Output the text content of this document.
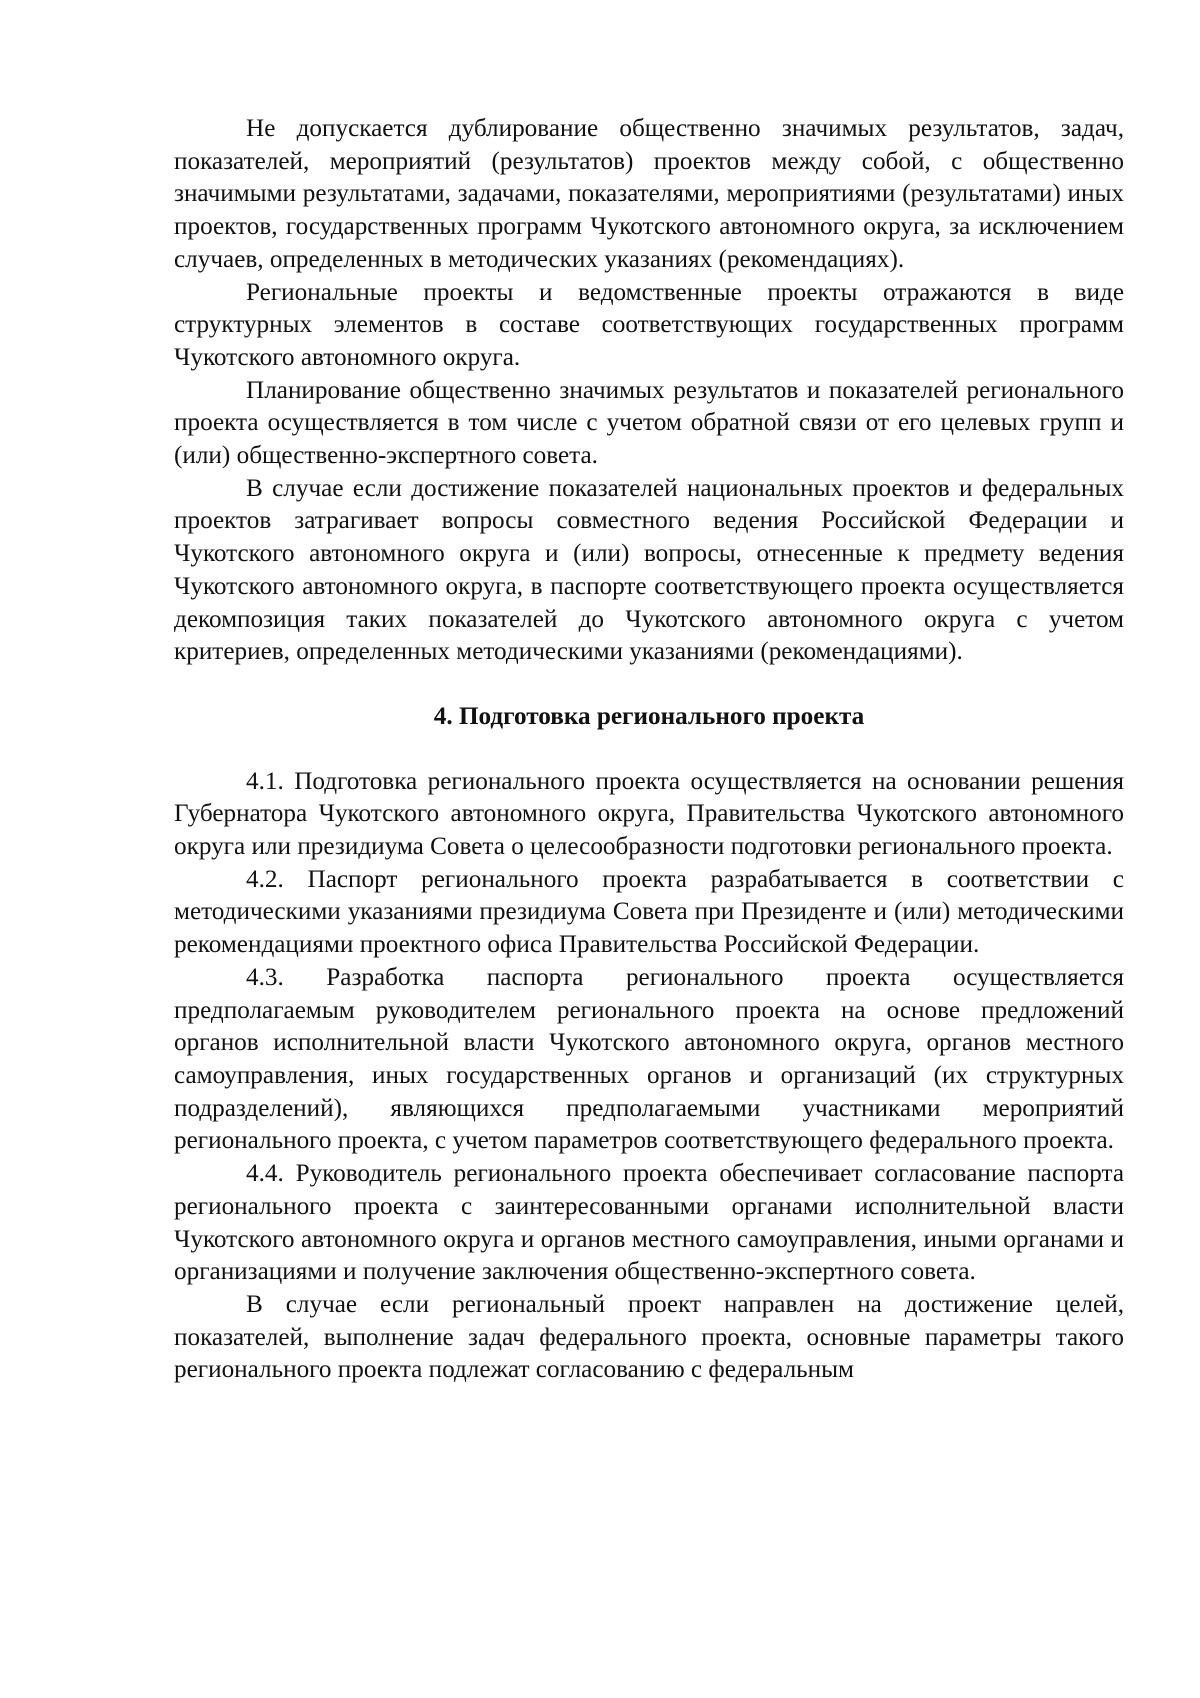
Не допускается дублирование общественно значимых результатов, задач, показателей, мероприятий (результатов) проектов между собой, с общественно значимыми результатами, задачами, показателями, мероприятиями (результатами) иных проектов, государственных программ Чукотского автономного округа, за исключением случаев, определенных в методических указаниях (рекомендациях).

Региональные проекты и ведомственные проекты отражаются в виде структурных элементов в составе соответствующих государственных программ Чукотского автономного округа.

Планирование общественно значимых результатов и показателей регионального проекта осуществляется в том числе с учетом обратной связи от его целевых групп и (или) общественно-экспертного совета.

В случае если достижение показателей национальных проектов и федеральных проектов затрагивает вопросы совместного ведения Российской Федерации и Чукотского автономного округа и (или) вопросы, отнесенные к предмету ведения Чукотского автономного округа, в паспорте соответствующего проекта осуществляется декомпозиция таких показателей до Чукотского автономного округа с учетом критериев, определенных методическими указаниями (рекомендациями).

4. Подготовка регионального проекта

4.1. Подготовка регионального проекта осуществляется на основании решения Губернатора Чукотского автономного округа, Правительства Чукотского автономного округа или президиума Совета о целесообразности подготовки регионального проекта.

4.2. Паспорт регионального проекта разрабатывается в соответствии с методическими указаниями президиума Совета при Президенте и (или) методическими рекомендациями проектного офиса Правительства Российской Федерации.

4.3. Разработка паспорта регионального проекта осуществляется предполагаемым руководителем регионального проекта на основе предложений органов исполнительной власти Чукотского автономного округа, органов местного самоуправления, иных государственных органов и организаций (их структурных подразделений), являющихся предполагаемыми участниками мероприятий регионального проекта, с учетом параметров соответствующего федерального проекта.

4.4. Руководитель регионального проекта обеспечивает согласование паспорта регионального проекта с заинтересованными органами исполнительной власти Чукотского автономного округа и органов местного самоуправления, иными органами и организациями и получение заключения общественно-экспертного совета.

В случае если региональный проект направлен на достижение целей, показателей, выполнение задач федерального проекта, основные параметры такого регионального проекта подлежат согласованию с федеральным
